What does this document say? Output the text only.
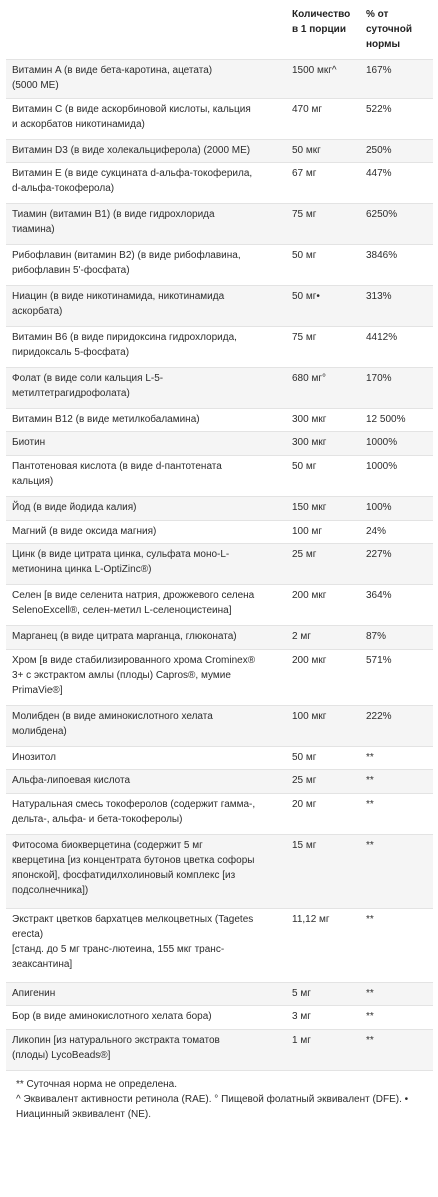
	Количество в 1 порции	% от суточной нормы
Витамин A (в виде бета-каротина, ацетата)
(5000 МЕ)	1500 мкг^	167%
Витамин C (в виде аскорбиновой кислоты, кальция
и аскорбатов никотинамида)	470 мг	522%
Витамин D3 (в виде холекальциферола) (2000 МЕ)	50 мкг	250%
Витамин E (в виде сукцината d-альфа-токоферила,
d-альфа-токоферола)	67 мг	447%
Тиамин (витамин B1) (в виде гидрохлорида
тиамина)	75 мг	6250%
Рибофлавин (витамин B2) (в виде рибофлавина,
рибофлавин 5'-фосфата)	50 мг	3846%
Ниацин (в виде никотинамида, никотинамида
аскорбата)	50 мг•	313%
Витамин B6 (в виде пиридоксина гидрохлорида,
пиридоксаль 5-фосфата)	75 мг	4412%
Фолат (в виде соли кальция L-5-
метилтетрагидрофолата)	680 мг°	170%
Витамин B12 (в виде метилкобаламина)	300 мкг	12 500%
Биотин	300 мкг	1000%
Пантотеновая кислота (в виде d-пантотената
кальция)	50 мг	1000%
Йод (в виде йодида калия)	150 мкг	100%
Магний (в виде оксида магния)	100 мг	24%
Цинк (в виде цитрата цинка, сульфата моно-L-
метионина цинка L-OptiZinc®)	25 мг	227%
Селен [в виде селенита натрия, дрожжевого селена
SelenoExcell®, селен-метил L-селеноцистеина]	200 мкг	364%
Марганец (в виде цитрата марганца, глюконата)	2 мг	87%
Хром [в виде стабилизированного хрома Crominex®
3+ с экстрактом амлы (плоды) Capros®, мумие
PrimaVie®]	200 мкг	571%
Молибден (в виде аминокислотного хелата
молибдена)	100 мкг	222%
Инозитол	50 мг	**
Альфа-липоевая кислота	25 мг	**
Натуральная смесь токоферолов (содержит гамма-,
дельта-, альфа- и бета-токоферолы)	20 мг	**
Фитосома биокверцетина (содержит 5 мг
кверцетина [из концентрата бутонов цветка софоры
японской], фосфатидилхолиновый комплекс [из
подсолнечника])	15 мг	**
Экстракт цветков бархатцев мелкоцветных (Tagetes
erecta)
[станд. до 5 мг транс-лютеина, 155 мкг транс-
зеаксантина]	11,12 мг	**
Апигенин	5 мг	**
Бор (в виде аминокислотного хелата бора)	3 мг	**
Ликопин [из натурального экстракта томатов
(плоды) LycoBeads®]	1 мг	**
** Суточная норма не определена.
^ Эквивалент активности ретинола (RAE). ° Пищевой фолатный эквивалент (DFE). • Ниацинный эквивалент (NE).
